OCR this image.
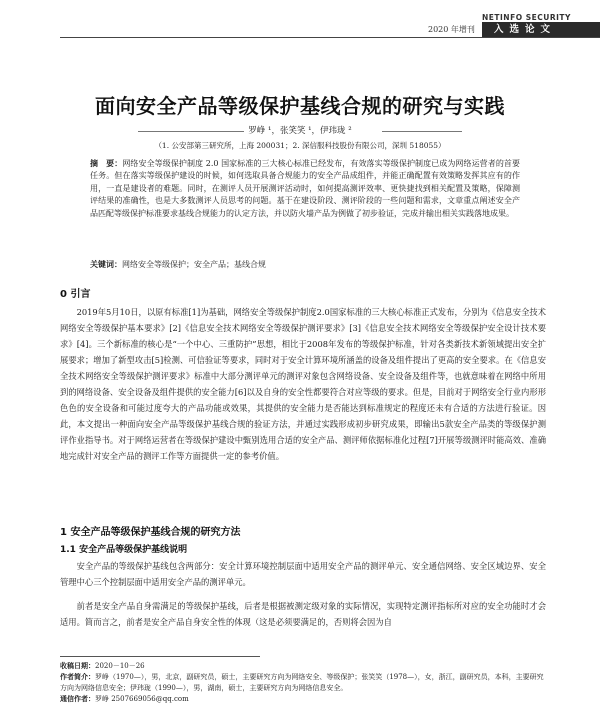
2020 年增刊
NETINFO SECURITY
入选论文
面向安全产品等级保护基线合规的研究与实践
罗峥 ¹，张笑笑 ¹，伊玮珑 ²
（1. 公安部第三研究所，上海 200031；2. 深信服科技股份有限公司，深圳 518055）
摘　要：网络安全等级保护制度 2.0 国家标准的三大核心标准已经发布，有效落实等级保护制度已成为网络运营者的首要任务。但在落实等级保护建设的时候，如何选取具备合规能力的安全产品成组件，并能正确配置有效策略发挥其应有的作用，一直是建设者的难题。同时，在测评人员开展测评活动时，如何提高测评效率、更快捷找到相关配置及策略，保障测评结果的准确性，也是大多数测评人员思考的问题。基于在建设阶段、测评阶段的一些问题和需求，文章重点阐述安全产品匹配等级保护标准要求基线合规能力的认定方法，并以防火墙产品为例做了初步验证，完成并输出相关实践落地成果。
关键词：网络安全等级保护；安全产品；基线合规
0 引言
2019年5月10日，以原有标准[1]为基础，网络安全等级保护制度2.0国家标准的三大核心标准正式发布，分别为《信息安全技术网络安全等级保护基本要求》[2]《信息安全技术网络安全等级保护测评要求》[3]《信息安全技术网络安全等级保护安全设计技术要求》[4]。三个新标准的核心是“一个中心、三重防护”思想，相比于2008年发布的等级保护标准，针对各类新技术新领域提出安全扩展要求；增加了新型攻击[5]检测、可信验证等要求，同时对于安全计算环境所涵盖的设备及组件提出了更高的安全要求。在《信息安全技术网络安全等级保护测评要求》标准中大部分测评单元的测评对象包含网络设备、安全设备及组件等，也就意味着在网络中所用到的网络设备、安全设备及组件提供的安全能力[6]以及自身的安全性都要符合对应等级的要求。但是，目前对于网络安全行业内形形色色的安全设备和可能过度夸大的产品功能或效果，其提供的安全能力是否能达到标准规定的程度还未有合适的方法进行验证。因此，本文提出一种面向安全产品等级保护基线合规的验证方法，并通过实践形成初步研究成果，即输出5款安全产品类的等级保护测评作业指导书。对于网络运营者在等级保护建设中甄别选用合适的安全产品、测评师依据标准化过程[7]开展等级测评时能高效、准确地完成针对安全产品的测评工作等方面提供一定的参考价值。
1 安全产品等级保护基线合规的研究方法
1.1 安全产品等级保护基线说明
安全产品的等级保护基线包含两部分：安全计算环境控制层面中适用安全产品的测评单元、安全通信网络、安全区域边界、安全管理中心三个控制层面中适用安全产品的测评单元。
前者是安全产品自身需满足的等级保护基线，后者是根据被测定级对象的实际情况，实现特定测评指标所对应的安全功能时才会适用。简而言之，前者是安全产品自身安全性的体现（这是必须要满足的，否则将会因为自
收稿日期：2020－10－26
作者简介：罗峥（1970—），男，北京，副研究员，硕士，主要研究方向为网络安全、等级保护；张笑笑（1978—），女，浙江，副研究员，本科，主要研究方向为网络信息安全；伊玮珑（1990—），男，湖南，硕士，主要研究方向为网络信息安全。
通信作者：罗峥 2507669056@qq.com
